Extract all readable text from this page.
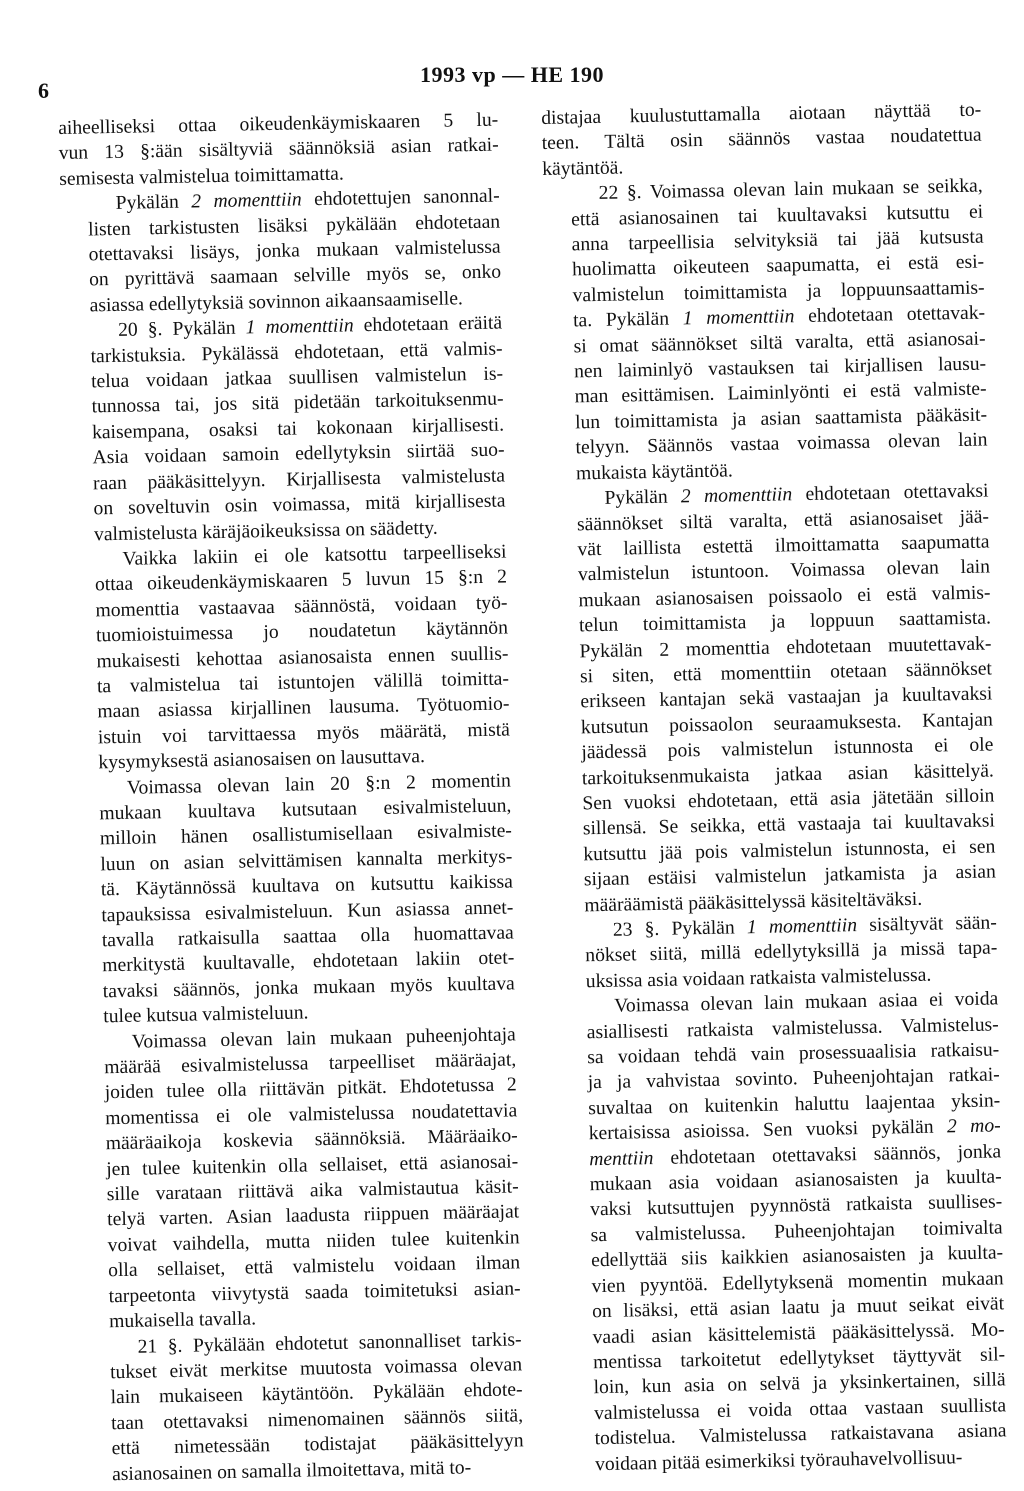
6
1993 vp — HE 190
aiheelliseksi ottaa oikeudenkäymiskaaren 5 lu-
vun 13 §:ään sisältyviä säännöksiä asian ratkai-
semisesta valmistelua toimittamatta.
Pykälän 2 momenttiin ehdotettujen sanonnal-
listen tarkistusten lisäksi pykälään ehdotetaan
otettavaksi lisäys, jonka mukaan valmistelussa
on pyrittävä saamaan selville myös se, onko
asiassa edellytyksiä sovinnon aikaansaamiselle.
20 §. Pykälän 1 momenttiin ehdotetaan eräitä
tarkistuksia. Pykälässä ehdotetaan, että valmis-
telua voidaan jatkaa suullisen valmistelun is-
tunnossa tai, jos sitä pidetään tarkoituksenmu-
kaisempana, osaksi tai kokonaan kirjallisesti.
Asia voidaan samoin edellytyksin siirtää suo-
raan pääkäsittelyyn. Kirjallisesta valmistelusta
on soveltuvin osin voimassa, mitä kirjallisesta
valmistelusta käräjäoikeuksissa on säädetty.
Vaikka lakiin ei ole katsottu tarpeelliseksi
ottaa oikeudenkäymiskaaren 5 luvun 15 §:n 2
momenttia vastaavaa säännöstä, voidaan työ-
tuomioistuimessa jo noudatetun käytännön
mukaisesti kehottaa asianosaista ennen suullis-
ta valmistelua tai istuntojen välillä toimitta-
maan asiassa kirjallinen lausuma. Työtuomio-
istuin voi tarvittaessa myös määrätä, mistä
kysymyksestä asianosaisen on lausuttava.
Voimassa olevan lain 20 §:n 2 momentin
mukaan kuultava kutsutaan esivalmisteluun,
milloin hänen osallistumisellaan esivalmiste-
luun on asian selvittämisen kannalta merkitys-
tä. Käytännössä kuultava on kutsuttu kaikissa
tapauksissa esivalmisteluun. Kun asiassa annet-
tavalla ratkaisulla saattaa olla huomattavaa
merkitystä kuultavalle, ehdotetaan lakiin otet-
tavaksi säännös, jonka mukaan myös kuultava
tulee kutsua valmisteluun.
Voimassa olevan lain mukaan puheenjohtaja
määrää esivalmistelussa tarpeelliset määräajat,
joiden tulee olla riittävän pitkät. Ehdotetussa 2
momentissa ei ole valmistelussa noudatettavia
määräaikoja koskevia säännöksiä. Määräaiko-
jen tulee kuitenkin olla sellaiset, että asianosai-
sille varataan riittävä aika valmistautua käsit-
telyä varten. Asian laadusta riippuen määräajat
voivat vaihdella, mutta niiden tulee kuitenkin
olla sellaiset, että valmistelu voidaan ilman
tarpeetonta viivytystä saada toimitetuksi asian-
mukaisella tavalla.
21 §. Pykälään ehdotetut sanonnalliset tarkis-
tukset eivät merkitse muutosta voimassa olevan
lain mukaiseen käytäntöön. Pykälään ehdote-
taan otettavaksi nimenomainen säännös siitä,
että nimetessään todistajat pääkäsittelyyn
asianosainen on samalla ilmoitettava, mitä to-
distajaa kuulustuttamalla aiotaan näyttää to-
teen. Tältä osin säännös vastaa noudatettua
käytäntöä.
22 §. Voimassa olevan lain mukaan se seikka,
että asianosainen tai kuultavaksi kutsuttu ei
anna tarpeellisia selvityksiä tai jää kutsusta
huolimatta oikeuteen saapumatta, ei estä esi-
valmistelun toimittamista ja loppuunsaattamis-
ta. Pykälän 1 momenttiin ehdotetaan otettavak-
si omat säännökset siltä varalta, että asianosai-
nen laiminlyö vastauksen tai kirjallisen lausu-
man esittämisen. Laiminlyönti ei estä valmiste-
lun toimittamista ja asian saattamista pääkäsit-
telyyn. Säännös vastaa voimassa olevan lain
mukaista käytäntöä.
Pykälän 2 momenttiin ehdotetaan otettavaksi
säännökset siltä varalta, että asianosaiset jää-
vät laillista estettä ilmoittamatta saapumatta
valmistelun istuntoon. Voimassa olevan lain
mukaan asianosaisen poissaolo ei estä valmis-
telun toimittamista ja loppuun saattamista.
Pykälän 2 momenttia ehdotetaan muutettavak-
si siten, että momenttiin otetaan säännökset
erikseen kantajan sekä vastaajan ja kuultavaksi
kutsutun poissaolon seuraamuksesta. Kantajan
jäädessä pois valmistelun istunnosta ei ole
tarkoituksenmukaista jatkaa asian käsittelyä.
Sen vuoksi ehdotetaan, että asia jätetään silloin
sillensä. Se seikka, että vastaaja tai kuultavaksi
kutsuttu jää pois valmistelun istunnosta, ei sen
sijaan estäisi valmistelun jatkamista ja asian
määräämistä pääkäsittelyssä käsiteltäväksi.
23 §. Pykälän 1 momenttiin sisältyvät sään-
nökset siitä, millä edellytyksillä ja missä tapa-
uksissa asia voidaan ratkaista valmistelussa.
Voimassa olevan lain mukaan asiaa ei voida
asiallisesti ratkaista valmistelussa. Valmistelus-
sa voidaan tehdä vain prosessuaalisia ratkaisu-
ja ja vahvistaa sovinto. Puheenjohtajan ratkai-
suvaltaa on kuitenkin haluttu laajentaa yksin-
kertaisissa asioissa. Sen vuoksi pykälän 2 mo-
menttiin ehdotetaan otettavaksi säännös, jonka
mukaan asia voidaan asianosaisten ja kuulta-
vaksi kutsuttujen pyynnöstä ratkaista suullises-
sa valmistelussa. Puheenjohtajan toimivalta
edellyttää siis kaikkien asianosaisten ja kuulta-
vien pyyntöä. Edellytyksenä momentin mukaan
on lisäksi, että asian laatu ja muut seikat eivät
vaadi asian käsittelemistä pääkäsittelyssä. Mo-
mentissa tarkoitetut edellytykset täyttyvät sil-
loin, kun asia on selvä ja yksinkertainen, sillä
valmistelussa ei voida ottaa vastaan suullista
todistelua. Valmistelussa ratkaistavana asiana
voidaan pitää esimerkiksi työrauhavelvollisuu-
